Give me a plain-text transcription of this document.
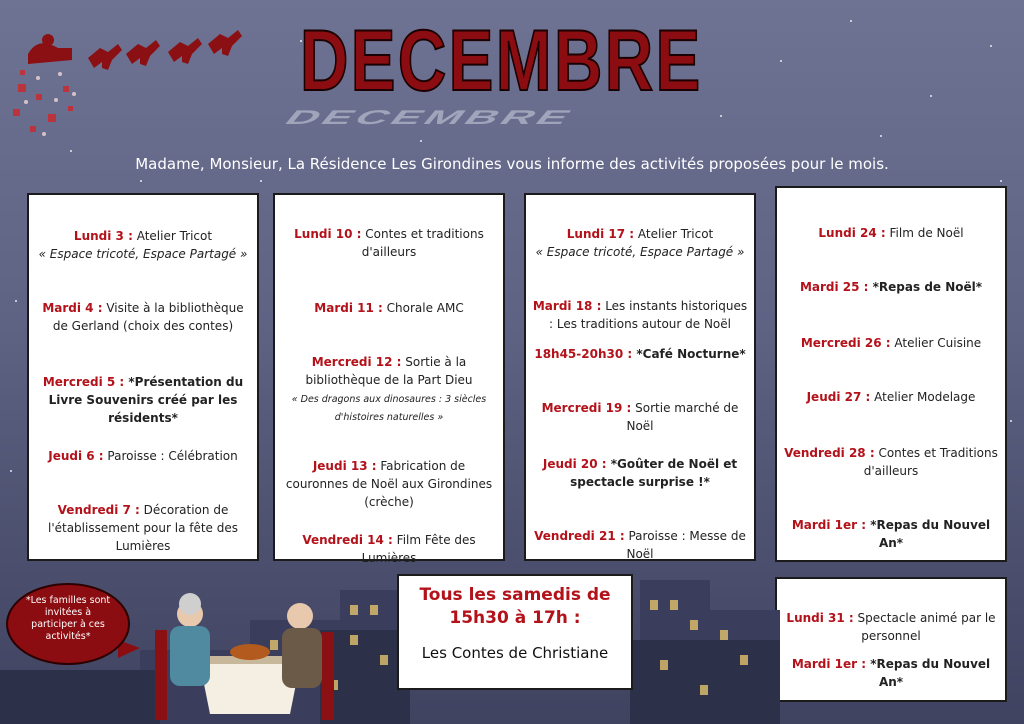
DECEMBRE
DECEMBRE
Madame, Monsieur, La Résidence Les Girondines vous informe des activités proposées pour le mois.
Lundi 3 : Atelier Tricot
« Espace tricoté, Espace Partagé »
Mardi 4 : Visite à la bibliothèque de Gerland (choix des contes)
Mercredi 5 : *Présentation du Livre Souvenirs créé par les résidents*
Jeudi 6 : Paroisse : Célébration
Vendredi 7 : Décoration de l'établissement pour la fête des Lumières
Lundi 10 : Contes et traditions d'ailleurs
Mardi 11 : Chorale AMC
Mercredi 12 : Sortie à la bibliothèque de la Part Dieu
« Des dragons aux dinosaures : 3 siècles d'histoires naturelles »
Jeudi 13 : Fabrication de couronnes de Noël aux Girondines (crèche)
Vendredi 14 : Film Fête des Lumières
Lundi 17 : Atelier Tricot
« Espace tricoté, Espace Partagé »
Mardi 18 : Les instants historiques : Les traditions autour de Noël
18h45-20h30 : *Café Nocturne*
Mercredi 19 : Sortie marché de Noël
Jeudi 20 : *Goûter de Noël et spectacle surprise !*
Vendredi 21 : Paroisse : Messe de Noël
Lundi 24 : Film de Noël
Mardi 25 : *Repas de Noël*
Mercredi 26 : Atelier Cuisine
Jeudi 27 : Atelier Modelage
Vendredi 28 : Contes et Traditions d'ailleurs
Mardi 1er : *Repas du Nouvel An*
Lundi 31 : Spectacle animé par le personnel
Mardi 1er : *Repas du Nouvel An*
Tous les samedis de 15h30 à 17h :
Les Contes de Christiane
*Les familles sont invitées à participer à ces activités*
